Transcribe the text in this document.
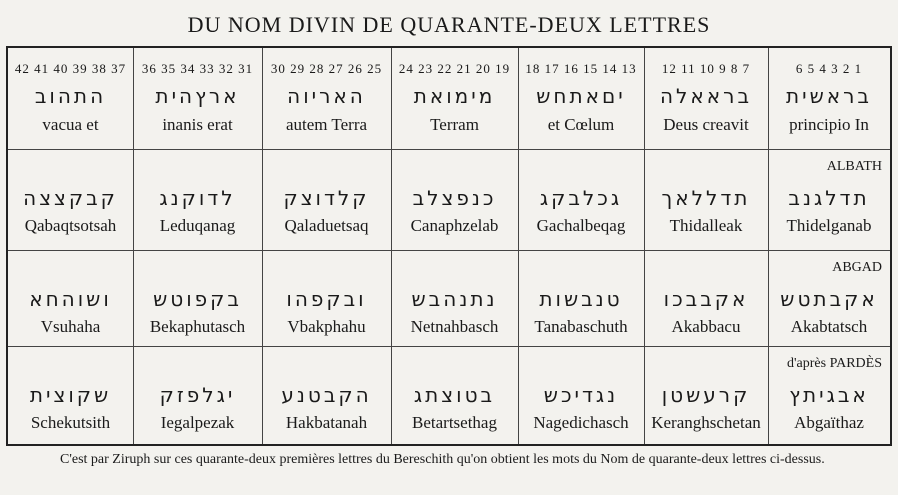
DU NOM DIVIN DE QUARANTE-DEUX LETTRES
42 41 40 39 38 37
התהוב
vacua et
36 35 34 33 32 31
ארץהית
inanis erat
30 29 28 27 26 25
האריוה
autem Terra
24 23 22 21 20 19
מימואת
Terram
18 17 16 15 14 13
יםאתחש
et Cœlum
12 11 10 9 8 7
בראאלה
Deus creavit
6 5 4 3 2 1
בראשית
principio In
ALBATH
קבקצצה
Qabaqtsotsah
לדוקנג
Leduqanag
קלדוצק
Qaladuetsaq
כנפצלב
Canaphzelab
גכלבקג
Gachalbeqag
תדללאך
Thidalleak
תדלגנב
Thidelganab
ABGAD
ושוהחא
Vsuhaha
בקפוטש
Bekaphutasch
ובקפהו
Vbakphahu
נתנהבש
Netnahbasch
טנבשות
Tanabaschuth
אקבבכו
Akabbacu
אקבתטש
Akabtatsch
d'après PARDÈS
שקוצית
Schekutsith
יגלפזק
Iegalpezak
הקבטנע
Hakbatanah
בטוצתג
Betartsethag
נגדיכש
Nagedichasch
קרעשטן
Keranghschetan
אבגיתץ
Abgaïthaz
C'est par Ziruph sur ces quarante-deux premières lettres du Bereschith qu'on obtient les mots du Nom de quarante-deux lettres ci-dessus.
